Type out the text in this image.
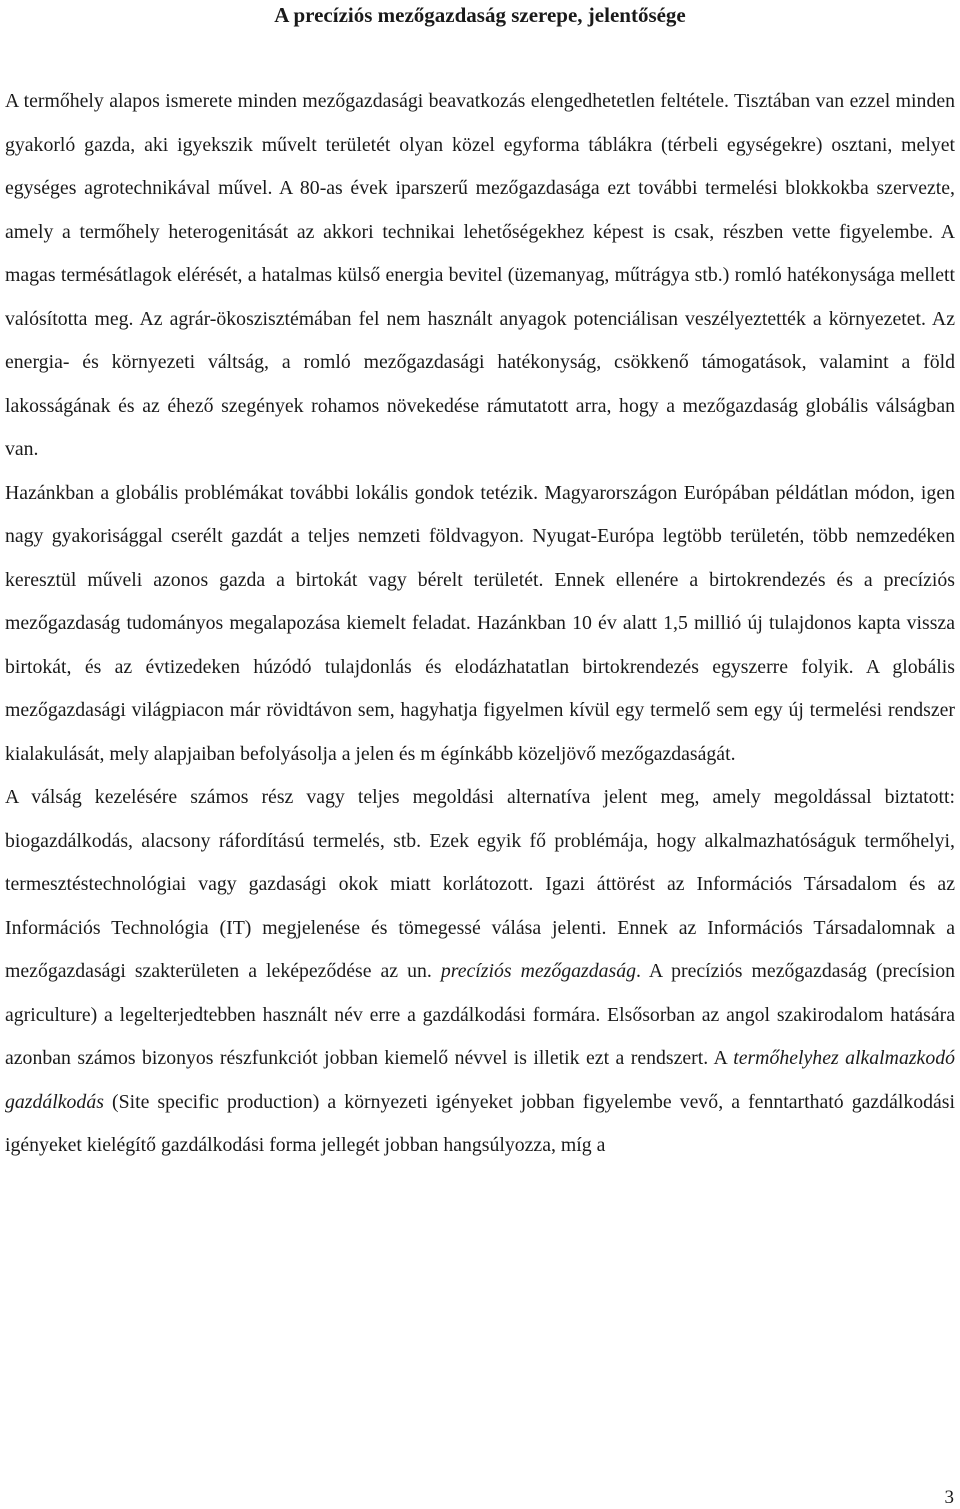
A precíziós mezőgazdaság szerepe, jelentősége

A termőhely alapos ismerete minden mezőgazdasági beavatkozás elengedhetetlen feltétele. Tisztában van ezzel minden gyakorló gazda, aki igyekszik művelt területét olyan közel egyforma táblákra (térbeli egységekre) osztani, melyet egységes agrotechnikával művel. A 80-as évek iparszerű mezőgazdasága ezt további termelési blokkokba szervezte, amely a termőhely heterogenitását az akkori technikai lehetőségekhez képest is csak, részben vette figyelembe. A magas termésátlagok elérését, a hatalmas külső energia bevitel (üzemanyag, műtrágya stb.) romló hatékonysága mellett valósította meg. Az agrár-ökoszisztémában fel nem használt anyagok potenciálisan veszélyeztették a környezetet. Az energia- és környezeti váltság, a romló mezőgazdasági hatékonyság, csökkenő támogatások, valamint a föld lakosságának és az éhező szegények rohamos növekedése rámutatott arra, hogy a mezőgazdaság globális válságban van.

Hazánkban a globális problémákat további lokális gondok tetézik. Magyarországon Európában példátlan módon, igen nagy gyakorisággal cserélt gazdát a teljes nemzeti földvagyon. Nyugat-Európa legtöbb területén, több nemzedéken keresztül műveli azonos gazda a birtokát vagy bérelt területét. Ennek ellenére a birtokrendezés és a precíziós mezőgazdaság tudományos megalapozása kiemelt feladat. Hazánkban 10 év alatt 1,5 millió új tulajdonos kapta vissza birtokát, és az évtizedeken húzódó tulajdonlás és elodázhatatlan birtokrendezés egyszerre folyik. A globális mezőgazdasági világpiacon már rövidtávon sem, hagyhatja figyelmen kívül egy termelő sem egy új termelési rendszer kialakulását, mely alapjaiban befolyásolja a jelen és m égínkább közeljövő mezőgazdaságát.

A válság kezelésére számos rész vagy teljes megoldási alternatíva jelent meg, amely megoldással biztatott: biogazdálkodás, alacsony ráfordítású termelés, stb. Ezek egyik fő problémája, hogy alkalmazhatóságuk termőhelyi, termesztéstechnológiai vagy gazdasági okok miatt korlátozott. Igazi áttörést az Információs Társadalom és az Információs Technológia (IT) megjelenése és tömegessé válása jelenti. Ennek az Információs Társadalomnak a mezőgazdasági szakterületen a leképeződése az un. precíziós mezőgazdaság. A precíziós mezőgazdaság (precísion agriculture) a legelterjedtebben használt név erre a gazdálkodási formára. Elsősorban az angol szakirodalom hatására azonban számos bizonyos részfunkciót jobban kiemelő névvel is illetik ezt a rendszert. A termőhelyhez alkalmazkodó gazdálkodás (Site specific production) a környezeti igényeket jobban figyelembe vevő, a fenntartható gazdálkodási igényeket kielégítő gazdálkodási forma jellegét jobban hangsúlyozza, míg a

3
